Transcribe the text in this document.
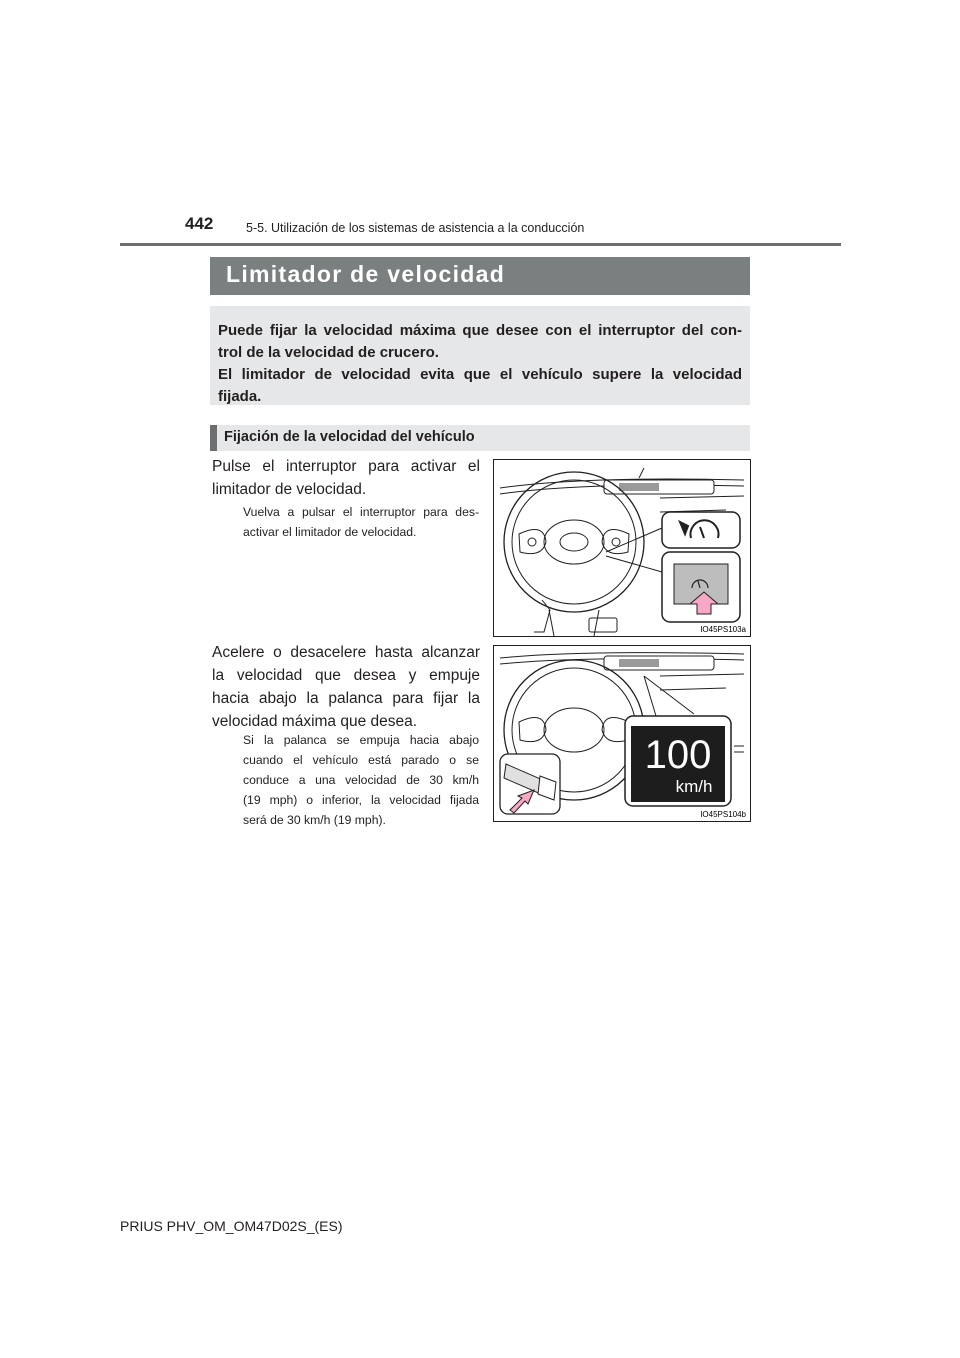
442	5-5. Utilización de los sistemas de asistencia a la conducción
Limitador de velocidad
Puede fijar la velocidad máxima que desee con el interruptor del con-
trol de la velocidad de crucero.
El limitador de velocidad evita que el vehículo supere la velocidad
fijada.
Fijación de la velocidad del vehículo
Pulse el interruptor para activar el
limitador de velocidad.
Vuelva a pulsar el interruptor para des-
activar el limitador de velocidad.
Acelere o desacelere hasta alcanzar
la velocidad que desea y empuje
hacia abajo la palanca para fijar la
velocidad máxima que desea.
Si la palanca se empuja hacia abajo
cuando el vehículo está parado o se
conduce a una velocidad de 30 km/h
(19 mph) o inferior, la velocidad fijada
será de 30 km/h (19 mph).
IO45PS103a
100
km/h
IO45PS104b
PRIUS PHV_OM_OM47D02S_(ES)
